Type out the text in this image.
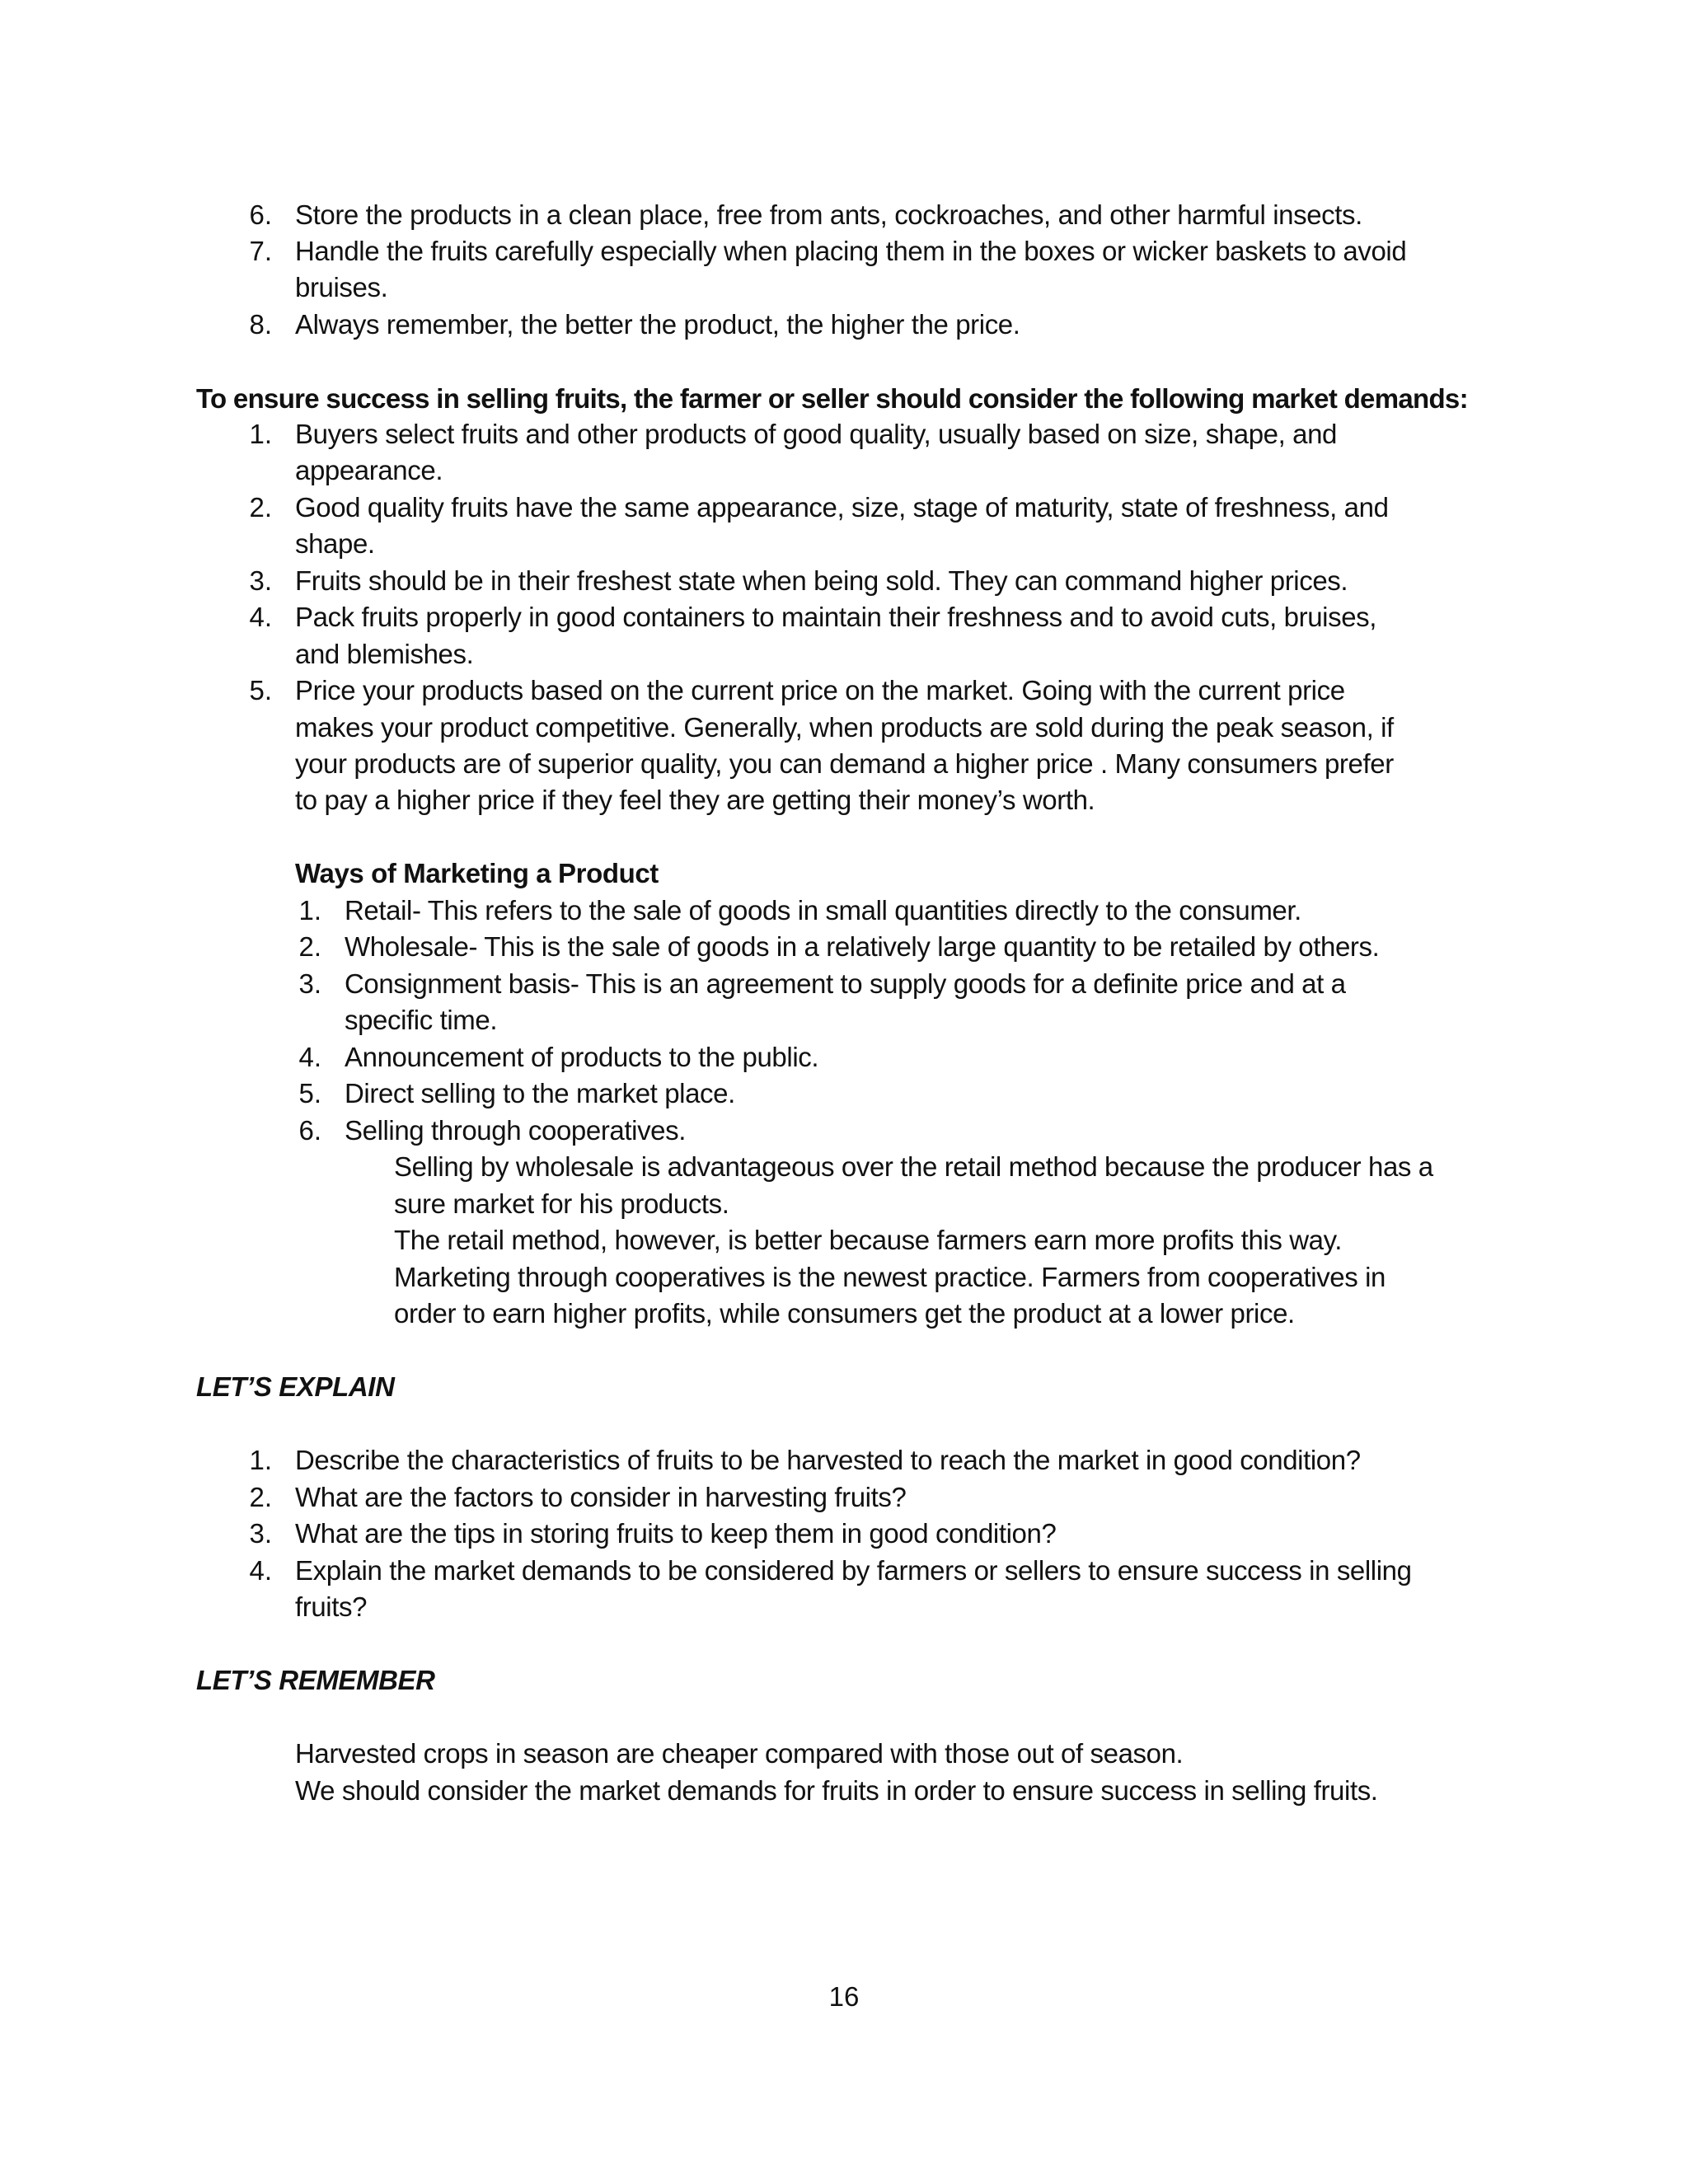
6. Store the products in a clean place, free from ants, cockroaches, and other harmful insects.
7. Handle the fruits carefully especially when placing them in the boxes or wicker baskets to avoid
bruises.
8. Always remember, the better the product, the higher the price.
To ensure success in selling fruits, the farmer or seller should consider the following market demands:
1. Buyers select fruits and other products of good quality, usually based on size, shape, and
appearance.
2. Good quality fruits have the same appearance, size, stage of maturity, state of freshness, and
shape.
3. Fruits should be in their freshest state when being sold. They can command higher prices.
4. Pack fruits properly in good containers to maintain their freshness and to avoid cuts, bruises,
and blemishes.
5. Price your products based on the current price on the market. Going with the current price
makes your product competitive. Generally, when products are sold during the peak season, if
your products are of superior quality, you can demand a higher price . Many consumers prefer
to pay a higher price if they feel they are getting their money’s worth.
Ways of Marketing a Product
1. Retail- This refers to the sale of goods in small quantities directly to the consumer.
2. Wholesale- This is the sale of goods in a relatively large quantity to be retailed by others.
3. Consignment basis- This is an agreement to supply goods for a definite price and at a
specific time.
4. Announcement of products to the public.
5. Direct selling to the market place.
6. Selling through cooperatives.
Selling by wholesale is advantageous over the retail method because the producer has a
sure market for his products.
The retail method, however, is better because farmers earn more profits this way.
Marketing through cooperatives is the newest practice. Farmers from cooperatives in
order to earn higher profits, while consumers get the product at a lower price.
LET’S EXPLAIN
1. Describe the characteristics of fruits to be harvested to reach the market in good condition?
2. What are the factors to consider in harvesting fruits?
3. What are the tips in storing fruits to keep them in good condition?
4. Explain the market demands to be considered by farmers or sellers to ensure success in selling
fruits?
LET’S REMEMBER
Harvested crops in season are cheaper compared with those out of season.
We should consider the market demands for fruits in order to ensure success in selling fruits.
16
